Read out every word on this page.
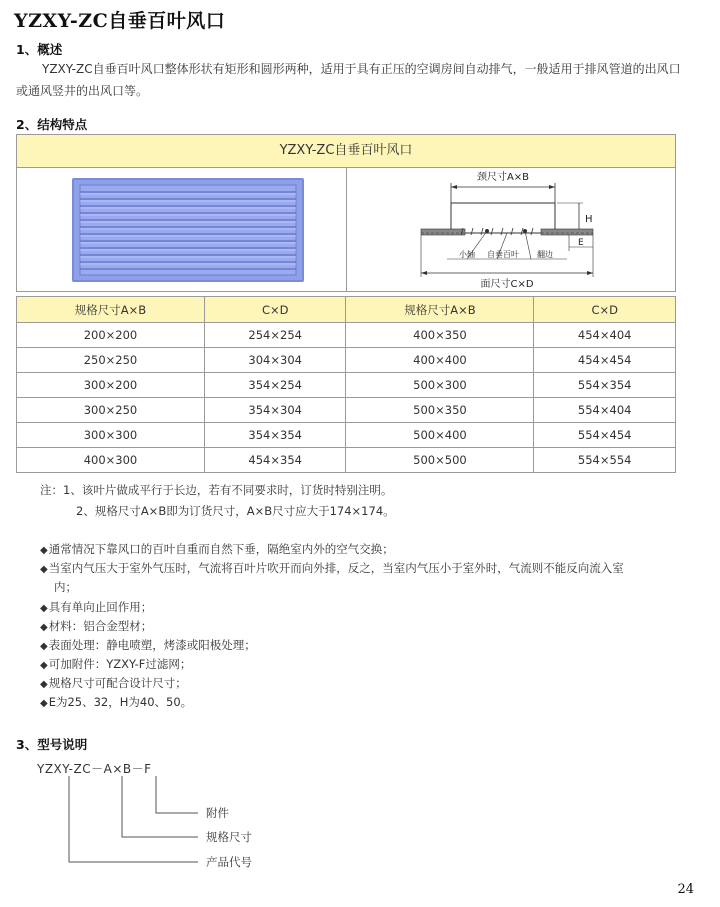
YZXY-ZC自垂百叶风口
1、概述
YZXY-ZC自垂百叶风口整体形状有矩形和圆形两种，适用于具有正压的空调房间自动排气，一般适用于排风管道的出风口或通风竖井的出风口等。
2、结构特点
YZXY-ZC自垂百叶风口
颈尺寸A×B
H
E
小轴 自垂百叶 翻边
面尺寸C×D
规格尺寸A×B	C×D	规格尺寸A×B	C×D
200×200	254×254	400×350	454×404
250×250	304×304	400×400	454×454
300×200	354×254	500×300	554×354
300×250	354×304	500×350	554×404
300×300	354×354	500×400	554×454
400×300	454×354	500×500	554×554
注：1、该叶片做成平行于长边，若有不同要求时，订货时特别注明。
2、规格尺寸A×B即为订货尺寸，A×B尺寸应大于174×174。
◆通常情况下靠风口的百叶自重而自然下垂，隔绝室内外的空气交换；
◆当室内气压大于室外气压时，气流将百叶片吹开而向外排，反之，当室内气压小于室外时，气流则不能反向流入室
内；
◆具有单向止回作用；
◆材料：铝合金型材；
◆表面处理：静电喷塑，烤漆或阳极处理；
◆可加附件：YZXY-F过滤网；
◆规格尺寸可配合设计尺寸；
◆E为25、32，H为40、50。
3、型号说明
YZXY-ZC－A×B－F
附件
规格尺寸
产品代号
24
